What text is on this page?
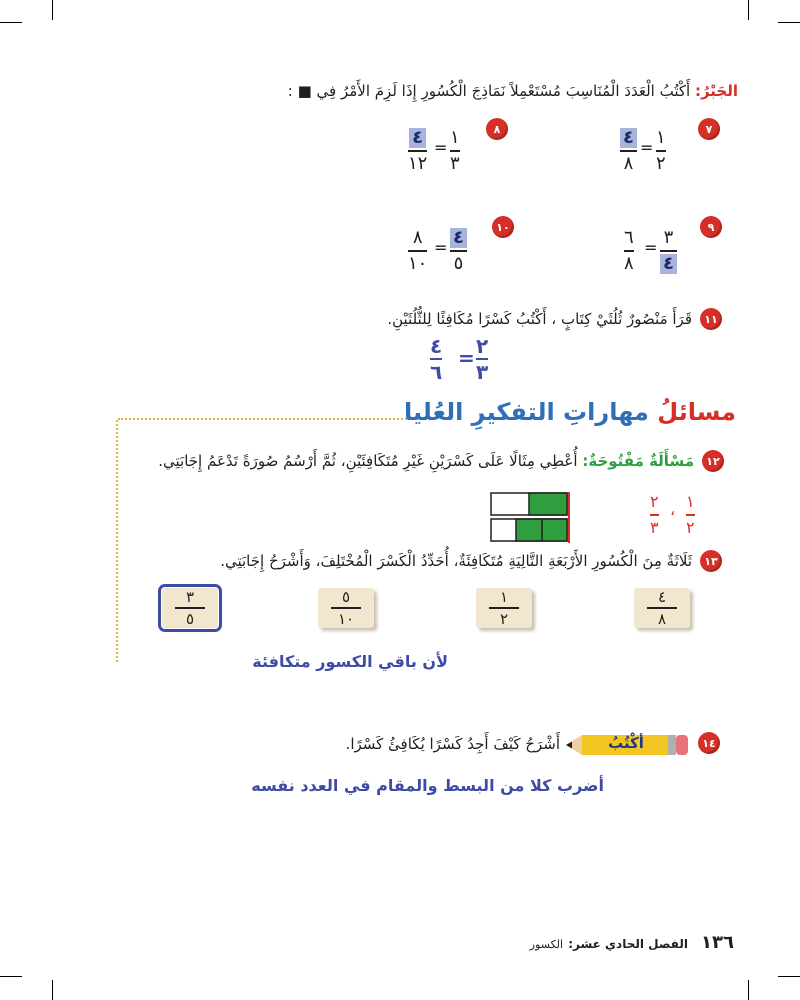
الجَبْرُ: أَكْتُبُ الْعَدَدَ الْمُنَاسِبَ مُسْتَعْمِلاً نَمَاذِجَ الْكُسُورِ إِذَا لَزِمَ الأَمْرُ فِي ■ :
٧
١
٢
=
٤
٨
٨
١
٣
=
٤
١٢
٩
٣
٤
=
٦
٨
١٠
٤
٥
=
٨
١٠
١١
قَرَأَ مَنْصُورٌ ثُلُثَيْ كِتَابٍ ، أَكْتُبُ كَسْرًا مُكَافِئًا لِلثُّلُثَيْنِ.
٢
٣
=
٤
٦
مسائلُ مهاراتِ التفكيرِ العُليا
١٢
مَسْأَلَةٌ مَفْتُوحَةٌ: أُعْطِي مِثَالًا عَلَى كَسْرَيْنِ غَيْرِ مُتَكَافِئَيْنِ، ثُمَّ أَرْسُمُ صُورَةً تَدْعَمُ إِجَابَتِي.
١
٢
،
٢
٣
١٣
ثَلَاثَةٌ مِنَ الْكُسُورِ الأَرْبَعَةِ التَّالِيَةِ مُتَكَافِئَةٌ، أُحَدِّدُ الْكَسْرَ الْمُخْتَلِفَ، وَأَشْرَحُ إِجَابَتِي.
٤
٨
١
٢
٥
١٠
٣
٥
لأن باقي الكسور متكافئة
١٤
أكْتُبُ
أَشْرَحُ كَيْفَ أَجِدُ كَسْرًا يُكَافِئُ كَسْرًا.
أضرب كلا من البسط والمقام في العدد نفسه
١٣٦ الفصل الحادي عشر: الكسور
